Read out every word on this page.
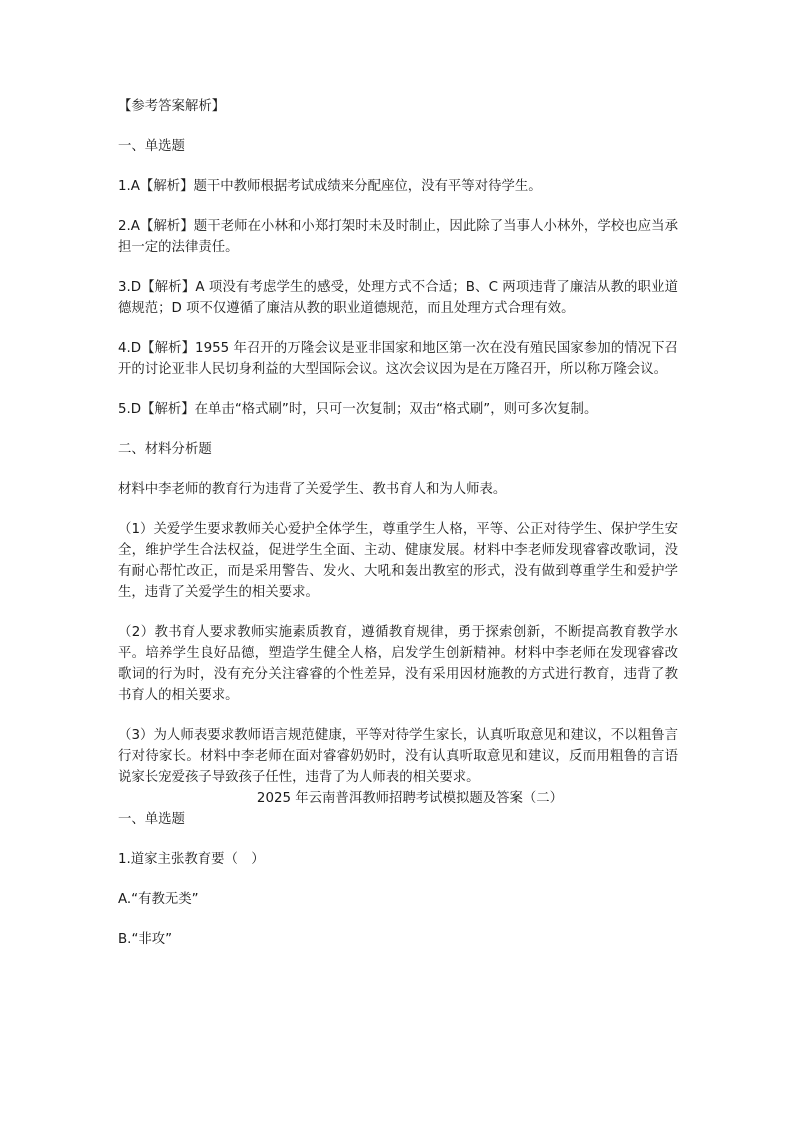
【参考答案解析】

一、单选题

1.A【解析】题干中教师根据考试成绩来分配座位，没有平等对待学生。

2.A【解析】题干老师在小林和小郑打架时未及时制止，因此除了当事人小林外，学校也应当承担一定的法律责任。

3.D【解析】A 项没有考虑学生的感受，处理方式不合适；B、C 两项违背了廉洁从教的职业道德规范；D 项不仅遵循了廉洁从教的职业道德规范，而且处理方式合理有效。

4.D【解析】1955 年召开的万隆会议是亚非国家和地区第一次在没有殖民国家参加的情况下召开的讨论亚非人民切身利益的大型国际会议。这次会议因为是在万隆召开，所以称万隆会议。

5.D【解析】在单击“格式刷”时，只可一次复制；双击“格式刷”，则可多次复制。

二、材料分析题

材料中李老师的教育行为违背了关爱学生、教书育人和为人师表。

（1）关爱学生要求教师关心爱护全体学生，尊重学生人格，平等、公正对待学生、保护学生安全，维护学生合法权益，促进学生全面、主动、健康发展。材料中李老师发现睿睿改歌词，没有耐心帮忙改正，而是采用警告、发火、大吼和轰出教室的形式，没有做到尊重学生和爱护学生，违背了关爱学生的相关要求。

（2）教书育人要求教师实施素质教育，遵循教育规律，勇于探索创新，不断提高教育教学水平。培养学生良好品德，塑造学生健全人格，启发学生创新精神。材料中李老师在发现睿睿改歌词的行为时，没有充分关注睿睿的个性差异，没有采用因材施教的方式进行教育，违背了教书育人的相关要求。

（3）为人师表要求教师语言规范健康，平等对待学生家长，认真听取意见和建议，不以粗鲁言行对待家长。材料中李老师在面对睿睿奶奶时，没有认真听取意见和建议，反而用粗鲁的言语说家长宠爱孩子导致孩子任性，违背了为人师表的相关要求。

2025 年云南普洱教师招聘考试模拟题及答案（二）

一、单选题

1.道家主张教育要（　）

A.“有教无类”

B.“非攻”
